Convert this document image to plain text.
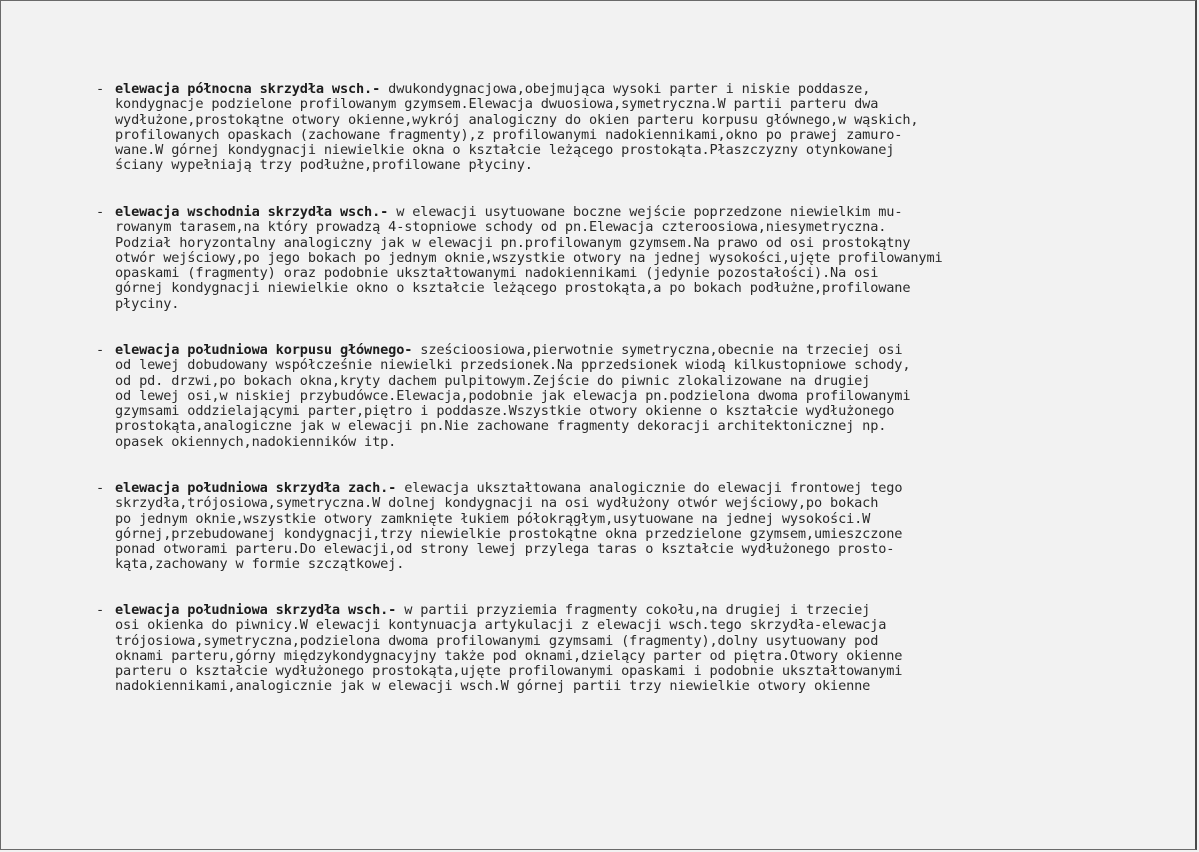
- elewacja północna skrzydła wsch.- dwukondygnacjowa,obejmująca wysoki parter i niskie poddasze,
kondygnacje podzielone profilowanym gzymsem.Elewacja dwuosiowa,symetryczna.W partii parteru dwa
wydłużone,prostokątne otwory okienne,wykrój analogiczny do okien parteru korpusu głównego,w wąskich,
profilowanych opaskach (zachowane fragmenty),z profilowanymi nadokiennikami,okno po prawej zamuro-
wane.W górnej kondygnacji niewielkie okna o kształcie leżącego prostokąta.Płaszczyzny otynkowanej
ściany wypełniają trzy podłużne,profilowane płyciny.
- elewacja wschodnia skrzydła wsch.- w elewacji usytuowane boczne wejście poprzedzone niewielkim mu-
rowanym tarasem,na który prowadzą 4-stopniowe schody od pn.Elewacja czteroosiowa,niesymetryczna.
Podział horyzontalny analogiczny jak w elewacji pn.profilowanym gzymsem.Na prawo od osi prostokątny
otwór wejściowy,po jego bokach po jednym oknie,wszystkie otwory na jednej wysokości,ujęte profilowanymi
opaskami (fragmenty) oraz podobnie ukształtowanymi nadokiennikami (jedynie pozostałości).Na osi
górnej kondygnacji niewielkie okno o kształcie leżącego prostokąta,a po bokach podłużne,profilowane
płyciny.
- elewacja południowa korpusu głównego- sześcioosiowa,pierwotnie symetryczna,obecnie na trzeciej osi
od lewej dobudowany współcześnie niewielki przedsionek.Na pprzedsionek wiodą kilkustopniowe schody,
od pd. drzwi,po bokach okna,kryty dachem pulpitowym.Zejście do piwnic zlokalizowane na drugiej
od lewej osi,w niskiej przybudówce.Elewacja,podobnie jak elewacja pn.podzielona dwoma profilowanymi
gzymsami oddzielającymi parter,piętro i poddasze.Wszystkie otwory okienne o kształcie wydłużonego
prostokąta,analogiczne jak w elewacji pn.Nie zachowane fragmenty dekoracji architektonicznej np.
opasek okiennych,nadokienników itp.
- elewacja południowa skrzydła zach.- elewacja ukształtowana analogicznie do elewacji frontowej tego
skrzydła,trójosiowa,symetryczna.W dolnej kondygnacji na osi wydłużony otwór wejściowy,po bokach
po jednym oknie,wszystkie otwory zamknięte łukiem półokrągłym,usytuowane na jednej wysokości.W
górnej,przebudowanej kondygnacji,trzy niewielkie prostokątne okna przedzielone gzymsem,umieszczone
ponad otworami parteru.Do elewacji,od strony lewej przylega taras o kształcie wydłużonego prosto-
kąta,zachowany w formie szczątkowej.
- elewacja południowa skrzydła wsch.- w partii przyziemia fragmenty cokołu,na drugiej i trzeciej
osi okienka do piwnicy.W elewacji kontynuacja artykulacji z elewacji wsch.tego skrzydła-elewacja
trójosiowa,symetryczna,podzielona dwoma profilowanymi gzymsami (fragmenty),dolny usytuowany pod
oknami parteru,górny międzykondygnacyjny także pod oknami,dzielący parter od piętra.Otwory okienne
parteru o kształcie wydłużonego prostokąta,ujęte profilowanymi opaskami i podobnie ukształtowanymi
nadokiennikami,analogicznie jak w elewacji wsch.W górnej partii trzy niewielkie otwory okienne
